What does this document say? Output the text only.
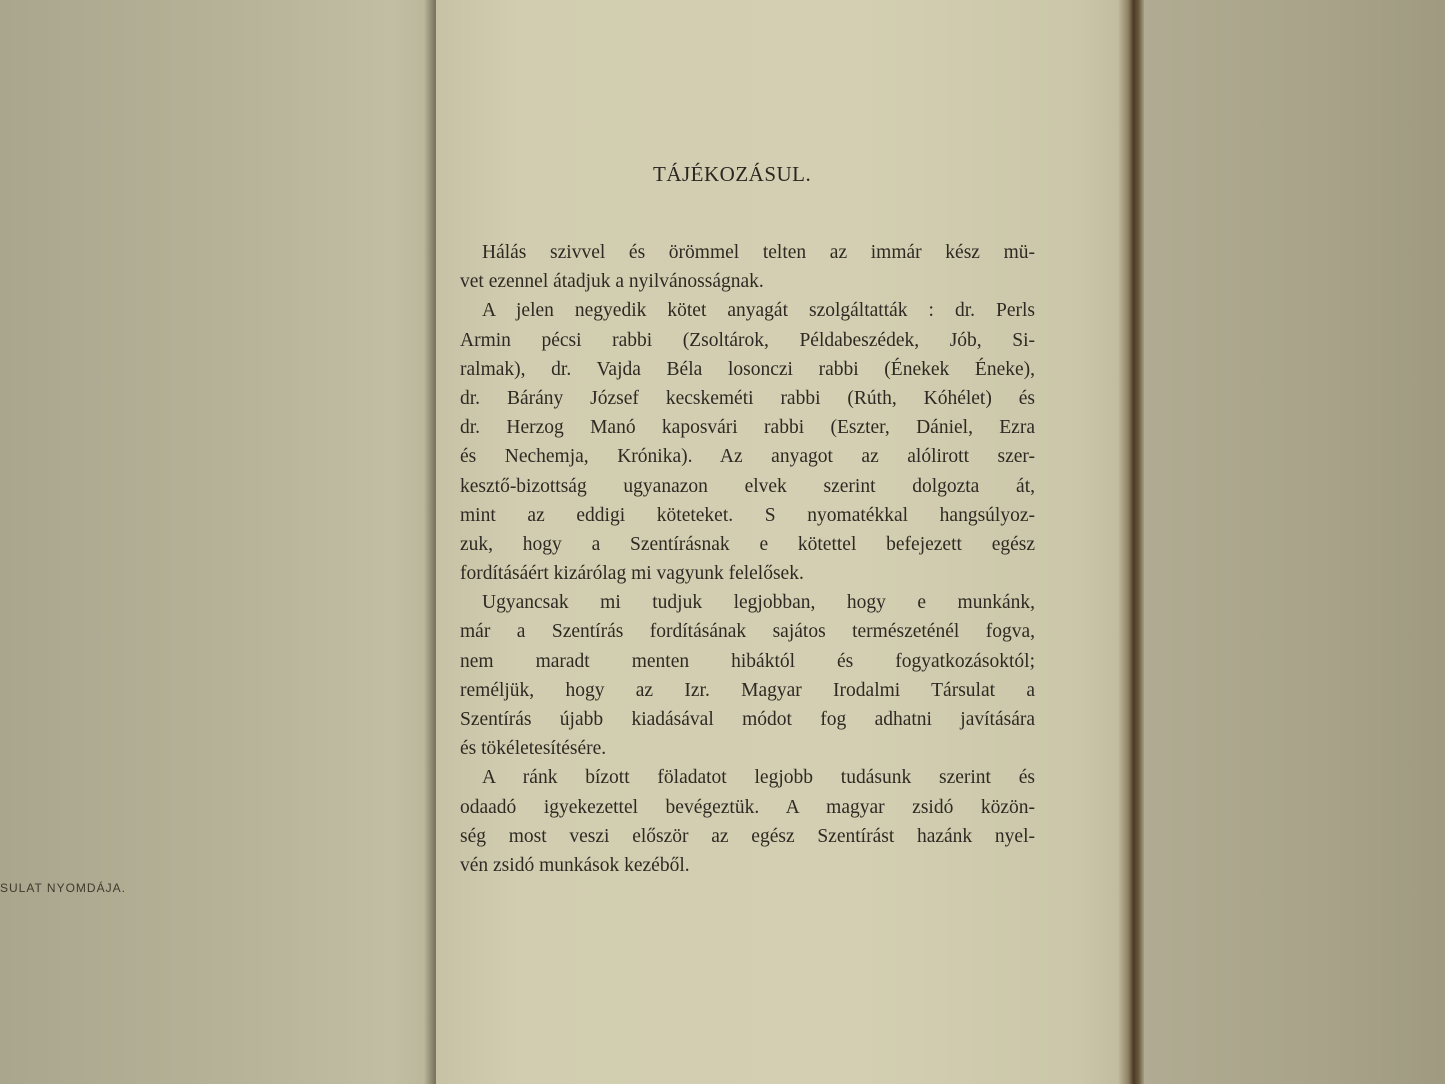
SULAT NYOMDÁJA.
TÁJÉKOZÁSUL.
Hálás szivvel és örömmel telten az immár kész mü-
vet ezennel átadjuk a nyilvánosságnak.
A jelen negyedik kötet anyagát szolgáltatták : dr. Perls
Armin pécsi rabbi (Zsoltárok, Példabeszédek, Jób, Si-
ralmak), dr. Vajda Béla losonczi rabbi (Énekek Éneke),
dr. Bárány József kecskeméti rabbi (Rúth, Kóhélet) és
dr. Herzog Manó kaposvári rabbi (Eszter, Dániel, Ezra
és Nechemja, Krónika). Az anyagot az alólirott szer-
kesztő-bizottság ugyanazon elvek szerint dolgozta át,
mint az eddigi köteteket. S nyomatékkal hangsúlyoz-
zuk, hogy a Szentírásnak e kötettel befejezett egész
fordításáért kizárólag mi vagyunk felelősek.
Ugyancsak mi tudjuk legjobban, hogy e munkánk,
már a Szentírás fordításának sajátos természeténél fogva,
nem maradt menten hibáktól és fogyatkozásoktól;
reméljük, hogy az Izr. Magyar Irodalmi Társulat a
Szentírás újabb kiadásával módot fog adhatni javítására
és tökéletesítésére.
A ránk bízott föladatot legjobb tudásunk szerint és
odaadó igyekezettel bevégeztük. A magyar zsidó közön-
ség most veszi először az egész Szentírást hazánk nyel-
vén zsidó munkások kezéből.
